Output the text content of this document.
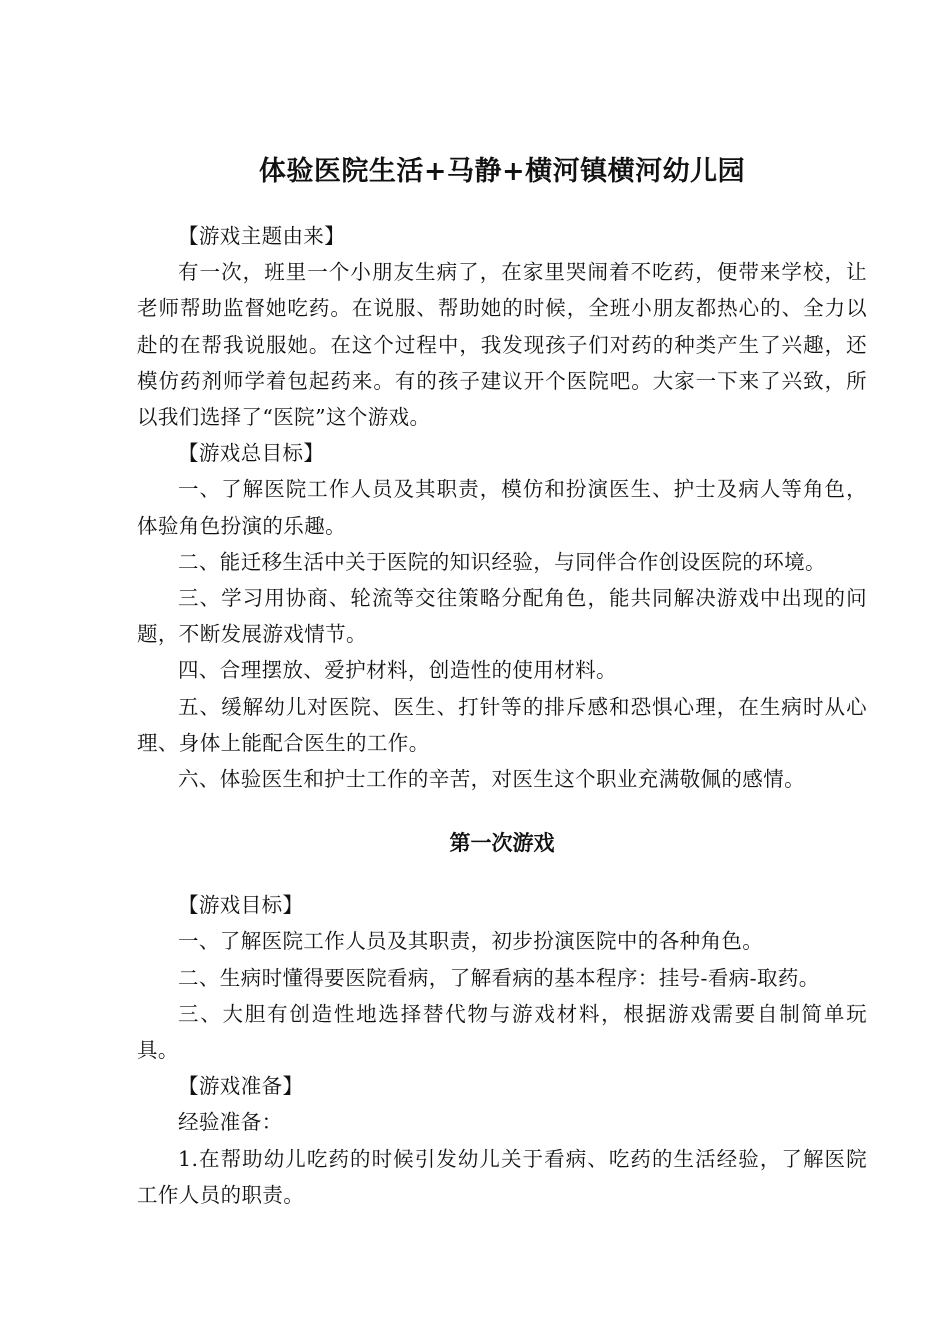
体验医院生活+马静+横河镇横河幼儿园

【游戏主题由来】

有一次，班里一个小朋友生病了，在家里哭闹着不吃药，便带来学校，让老师帮助监督她吃药。在说服、帮助她的时候，全班小朋友都热心的、全力以赴的在帮我说服她。在这个过程中，我发现孩子们对药的种类产生了兴趣，还模仿药剂师学着包起药来。有的孩子建议开个医院吧。大家一下来了兴致，所以我们选择了“医院”这个游戏。

【游戏总目标】

一、了解医院工作人员及其职责，模仿和扮演医生、护士及病人等角色，体验角色扮演的乐趣。

二、能迁移生活中关于医院的知识经验，与同伴合作创设医院的环境。

三、学习用协商、轮流等交往策略分配角色，能共同解决游戏中出现的问题，不断发展游戏情节。

四、合理摆放、爱护材料，创造性的使用材料。

五、缓解幼儿对医院、医生、打针等的排斥感和恐惧心理，在生病时从心理、身体上能配合医生的工作。

六、体验医生和护士工作的辛苦，对医生这个职业充满敬佩的感情。

第一次游戏

【游戏目标】

一、了解医院工作人员及其职责，初步扮演医院中的各种角色。

二、生病时懂得要医院看病，了解看病的基本程序：挂号-看病-取药。

三、大胆有创造性地选择替代物与游戏材料，根据游戏需要自制简单玩具。

【游戏准备】

经验准备：

1.在帮助幼儿吃药的时候引发幼儿关于看病、吃药的生活经验，了解医院工作人员的职责。
